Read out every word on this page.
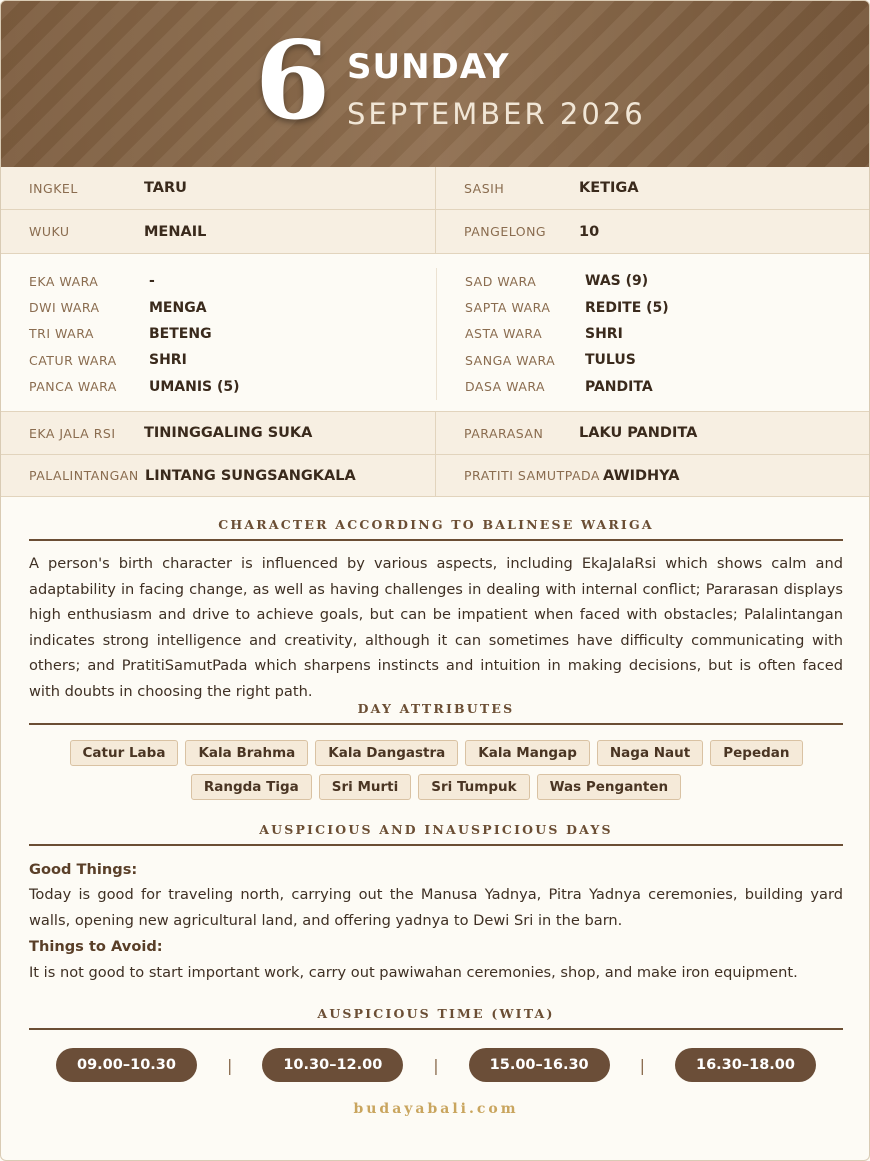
6 SUNDAY
SEPTEMBER 2026
INGKEL	TARU	SASIH	KETIGA
WUKU	MENAIL	PANGELONG	10
EKA WARA	-
DWI WARA	MENGA
TRI WARA	BETENG
CATUR WARA	SHRI
PANCA WARA	UMANIS (5)
SAD WARA	WAS (9)
SAPTA WARA	REDITE (5)
ASTA WARA	SHRI
SANGA WARA	TULUS
DASA WARA	PANDITA
EKA JALA RSI	TININGGALING SUKA	PARARASAN	LAKU PANDITA
PALALINTANGAN LINTANG SUNGSANGKALA	PRATITI SAMUTPADA AWIDHYA
CHARACTER ACCORDING TO BALINESE WARIGA
A person's birth character is influenced by various aspects, including EkaJalaRsi which shows calm and adaptability in facing change, as well as having challenges in dealing with internal conflict; Pararasan displays high enthusiasm and drive to achieve goals, but can be impatient when faced with obstacles; Palalintangan indicates strong intelligence and creativity, although it can sometimes have difficulty communicating with others; and PratitiSamutPada which sharpens instincts and intuition in making decisions, but is often faced with doubts in choosing the right path.
DAY ATTRIBUTES
Catur Laba	Kala Brahma	Kala Dangastra	Kala Mangap	Naga Naut	Pepedan
Rangda Tiga	Sri Murti	Sri Tumpuk	Was Penganten
AUSPICIOUS AND INAUSPICIOUS DAYS
Good Things:
Today is good for traveling north, carrying out the Manusa Yadnya, Pitra Yadnya ceremonies, building yard walls, opening new agricultural land, and offering yadnya to Dewi Sri in the barn.
Things to Avoid:
It is not good to start important work, carry out pawiwahan ceremonies, shop, and make iron equipment.
AUSPICIOUS TIME (WITA)
09.00–10.30	|	10.30–12.00	|	15.00–16.30	|	16.30–18.00
budayabali.com
